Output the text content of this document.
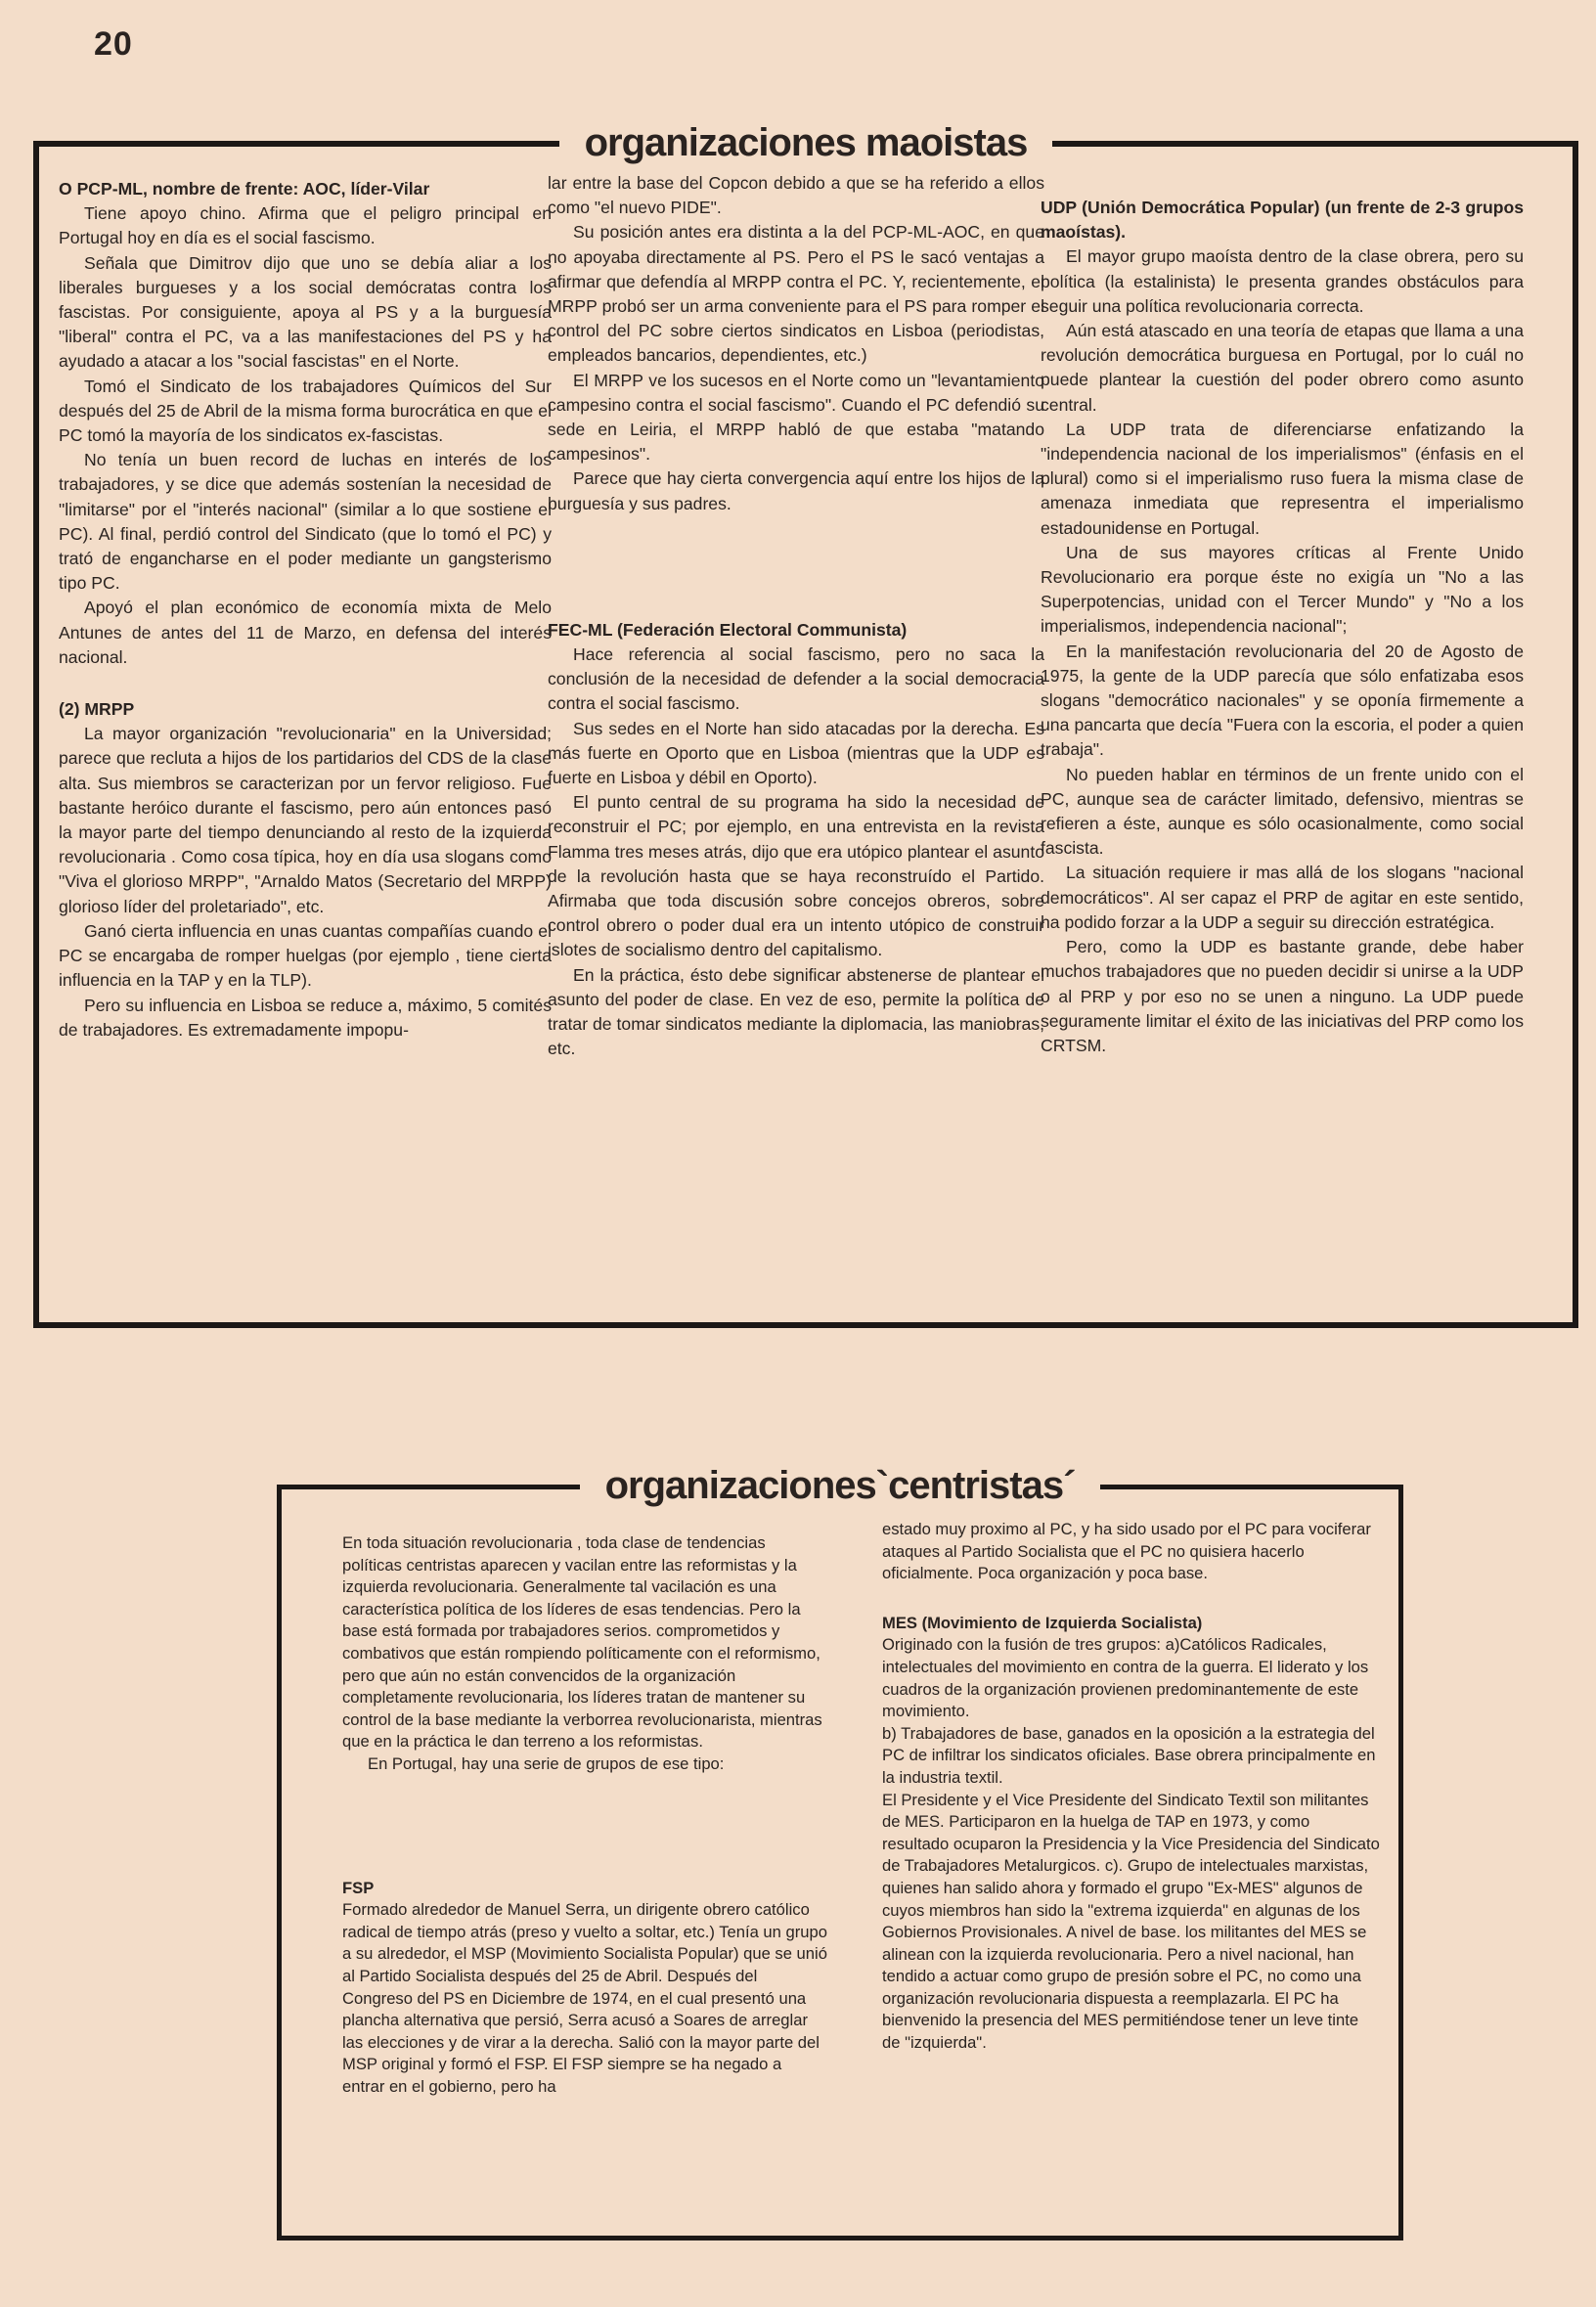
20
organizaciones maoistas

O PCP-ML, nombre de frente: AOC, líder-Vilar

Tiene apoyo chino. Afirma que el peligro principal en Portugal hoy en día es el social fascismo.

Señala que Dimitrov dijo que uno se debía aliar a los liberales burgueses y a los social demócratas contra los fascistas. Por consiguiente, apoya al PS y a la burguesía "liberal" contra el PC, va a las manifestaciones del PS y ha ayudado a atacar a los "social fascistas" en el Norte.

Tomó el Sindicato de los trabajadores Químicos del Sur después del 25 de Abril de la misma forma burocrática en que el PC tomó la mayoría de los sindicatos ex-fascistas.

No tenía un buen record de luchas en interés de los trabajadores, y se dice que además sostenían la necesidad de "limitarse" por el "interés nacional" (similar a lo que sostiene el PC). Al final, perdió control del Sindicato (que lo tomó el PC) y trató de engancharse en el poder mediante un gangsterismo tipo PC.

Apoyó el plan económico de economía mixta de Melo Antunes de antes del 11 de Marzo, en defensa del interés nacional.

(2) MRPP

La mayor organización "revolucionaria" en la Universidad; parece que recluta a hijos de los partidarios del CDS de la clase alta. Sus miembros se caracterizan por un fervor religioso. Fue bastante heróico durante el fascismo, pero aún entonces pasó la mayor parte del tiempo denunciando al resto de la izquierda revolucionaria . Como cosa típica, hoy en día usa slogans como "Viva el glorioso MRPP", "Arnaldo Matos (Secretario del MRPP) glorioso líder del proletariado", etc.

Ganó cierta influencia en unas cuantas compañías cuando el PC se encargaba de romper huelgas (por ejemplo , tiene cierta influencia en la TAP y en la TLP).

Pero su influencia en Lisboa se reduce a, máximo, 5 comités de trabajadores. Es extremadamente impopu-

lar entre la base del Copcon debido a que se ha referido a ellos como "el nuevo PIDE".

Su posición antes era distinta a la del PCP-ML-AOC, en que no apoyaba directamente al PS. Pero el PS le sacó ventajas a afirmar que defendía al MRPP contra el PC. Y, recientemente, el MRPP probó ser un arma conveniente para el PS para romper el control del PC sobre ciertos sindicatos en Lisboa (periodistas, empleados bancarios, dependientes, etc.)

El MRPP ve los sucesos en el Norte como un "levantamiento campesino contra el social fascismo". Cuando el PC defendió su sede en Leiria, el MRPP habló de que estaba "matando campesinos".

Parece que hay cierta convergencia aquí entre los hijos de la burguesía y sus padres.

FEC-ML (Federación Electoral Communista)

Hace referencia al social fascismo, pero no saca la conclusión de la necesidad de defender a la social democracia contra el social fascismo.

Sus sedes en el Norte han sido atacadas por la derecha. Es más fuerte en Oporto que en Lisboa (mientras que la UDP es fuerte en Lisboa y débil en Oporto).

El punto central de su programa ha sido la necesidad de reconstruir el PC; por ejemplo, en una entrevista en la revista Flamma tres meses atrás, dijo que era utópico plantear el asunto de la revolución hasta que se haya reconstruído el Partido. Afirmaba que toda discusión sobre concejos obreros, sobre control obrero o poder dual era un intento utópico de construir islotes de socialismo dentro del capitalismo.

En la práctica, ésto debe significar abstenerse de plantear el asunto del poder de clase. En vez de eso, permite la política de tratar de tomar sindicatos mediante la diplomacia, las maniobras, etc.

UDP (Unión Democrática Popular) (un frente de 2-3 grupos maoístas).

El mayor grupo maoísta dentro de la clase obrera, pero su política (la estalinista) le presenta grandes obstáculos para seguir una política revolucionaria correcta.

Aún está atascado en una teoría de etapas que llama a una revolución democrática burguesa en Portugal, por lo cuál no puede plantear la cuestión del poder obrero como asunto central.

La UDP trata de diferenciarse enfatizando la "independencia nacional de los imperialismos" (énfasis en el plural) como si el imperialismo ruso fuera la misma clase de amenaza inmediata que representra el imperialismo estadounidense en Portugal.

Una de sus mayores críticas al Frente Unido Revolucionario era porque éste no exigía un "No a las Superpotencias, unidad con el Tercer Mundo" y "No a los imperialismos, independencia nacional";

En la manifestación revolucionaria del 20 de Agosto de 1975, la gente de la UDP parecía que sólo enfatizaba esos slogans "democrático nacionales" y se oponía firmemente a una pancarta que decía "Fuera con la escoria, el poder a quien trabaja".

No pueden hablar en términos de un frente unido con el PC, aunque sea de carácter limitado, defensivo, mientras se refieren a éste, aunque es sólo ocasionalmente, como social fascista.

La situación requiere ir mas allá de los slogans "nacional democráticos". Al ser capaz el PRP de agitar en este sentido, ha podido forzar a la UDP a seguir su dirección estratégica.

Pero, como la UDP es bastante grande, debe haber muchos trabajadores que no pueden decidir si unirse a la UDP o al PRP y por eso no se unen a ninguno. La UDP puede seguramente limitar el éxito de las iniciativas del PRP como los CRTSM.

organizaciones`centristas´

En toda situación revolucionaria , toda clase de tendencias políticas centristas aparecen y vacilan entre las reformistas y la izquierda revolucionaria. Generalmente tal vacilación es una característica política de los líderes de esas tendencias. Pero la base está formada por trabajadores serios. comprometidos y combativos que están rompiendo políticamente con el reformismo, pero que aún no están convencidos de la organización completamente revolucionaria, los líderes tratan de mantener su control de la base mediante la verborrea revolucionarista, mientras que en la práctica le dan terreno a los reformistas.

En Portugal, hay una serie de grupos de ese tipo:

FSP

Formado alrededor de Manuel Serra, un dirigente obrero católico radical de tiempo atrás (preso y vuelto a soltar, etc.) Tenía un grupo a su alrededor, el MSP (Movimiento Socialista Popular) que se unió al Partido Socialista después del 25 de Abril. Después del Congreso del PS en Diciembre de 1974, en el cual presentó una plancha alternativa que persió, Serra acusó a Soares de arreglar las elecciones y de virar a la derecha. Salió con la mayor parte del MSP original y formó el FSP. El FSP siempre se ha negado a entrar en el gobierno, pero ha

estado muy proximo al PC, y ha sido usado por el PC para vociferar ataques al Partido Socialista que el PC no quisiera hacerlo oficialmente. Poca organización y poca base.

MES (Movimiento de Izquierda Socialista)

Originado con la fusión de tres grupos: a)Católicos Radicales, intelectuales del movimiento en contra de la guerra. El liderato y los cuadros de la organización provienen predominantemente de este movimiento.

b) Trabajadores de base, ganados en la oposición a la estrategia del PC de infiltrar los sindicatos oficiales. Base obrera principalmente en la industria textil.

El Presidente y el Vice Presidente del Sindicato Textil son militantes de MES. Participaron en la huelga de TAP en 1973, y como resultado ocuparon la Presidencia y la Vice Presidencia del Sindicato de Trabajadores Metalurgicos. c). Grupo de intelectuales marxistas, quienes han salido ahora y formado el grupo "Ex-MES" algunos de cuyos miembros han sido la "extrema izquierda" en algunas de los Gobiernos Provisionales. A nivel de base. los militantes del MES se alinean con la izquierda revolucionaria. Pero a nivel nacional, han tendido a actuar como grupo de presión sobre el PC, no como una organización revolucionaria dispuesta a reemplazarla. El PC ha bienvenido la presencia del MES permitiéndose tener un leve tinte de "izquierda".
